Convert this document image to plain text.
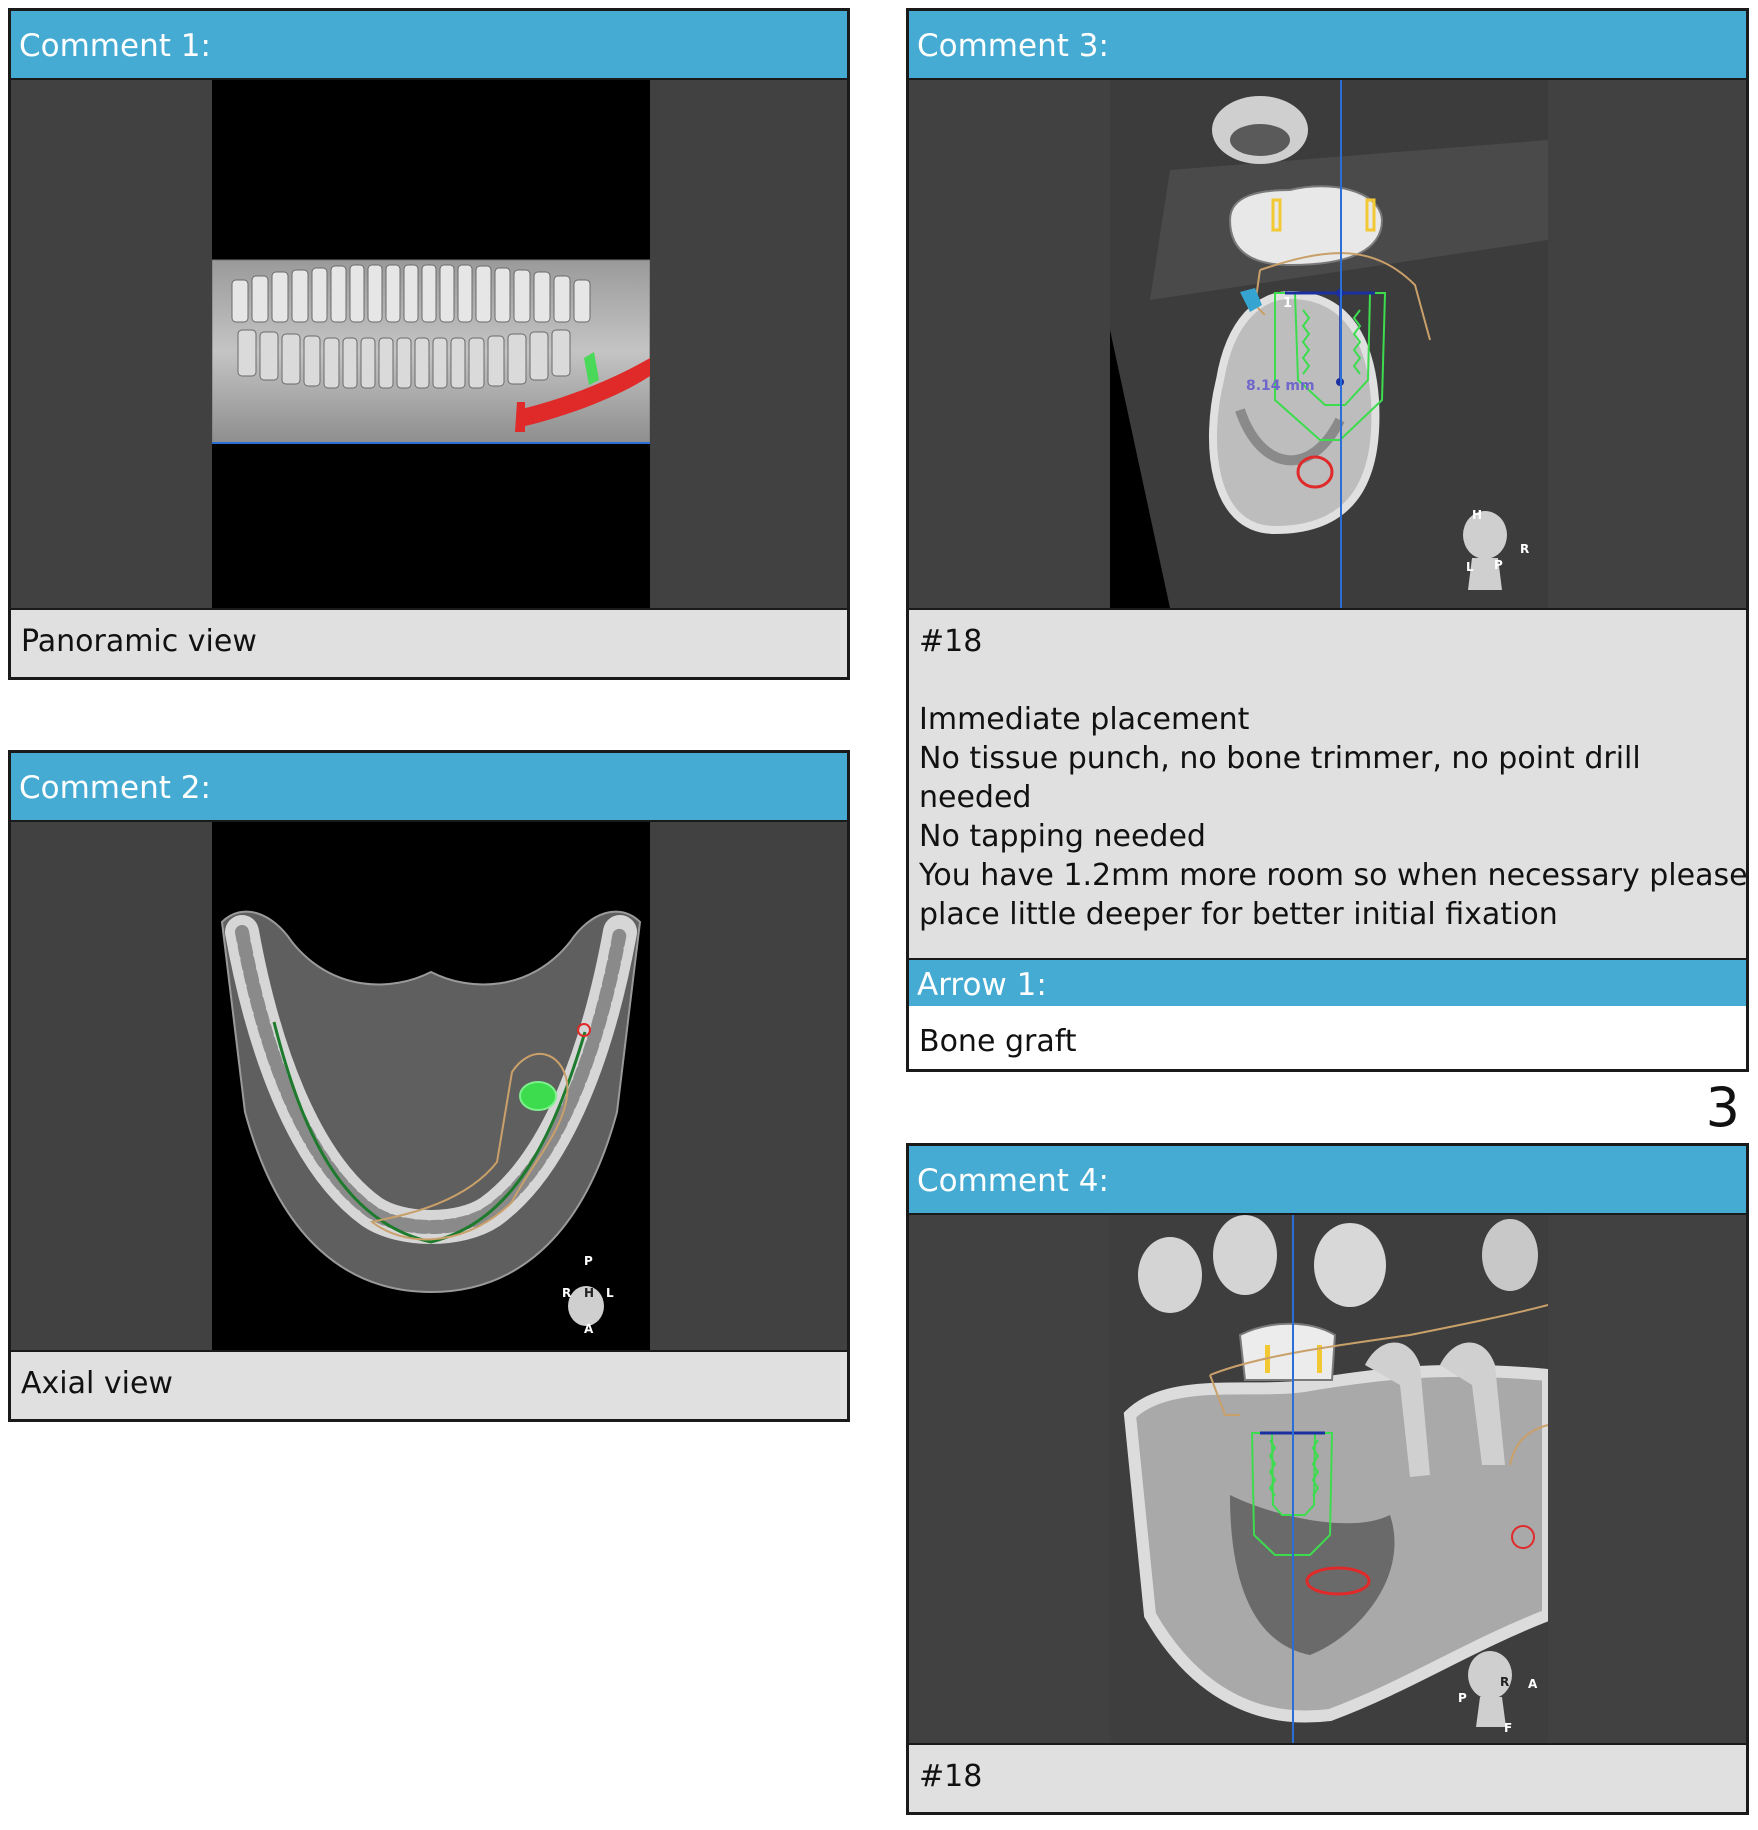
Comment 1:
Panoramic view
Comment 2:
P
R H L
A
Axial view
Comment 3:
1
8.14 mm
H
R
L P
#18
Immediate placement
No tissue punch, no bone trimmer, no point drill
needed
No tapping needed
You have 1.2mm more room so when necessary please
place little deeper for better initial fixation
Arrow 1:
Bone graft
3
Comment 4:
P
R A
F
#18
